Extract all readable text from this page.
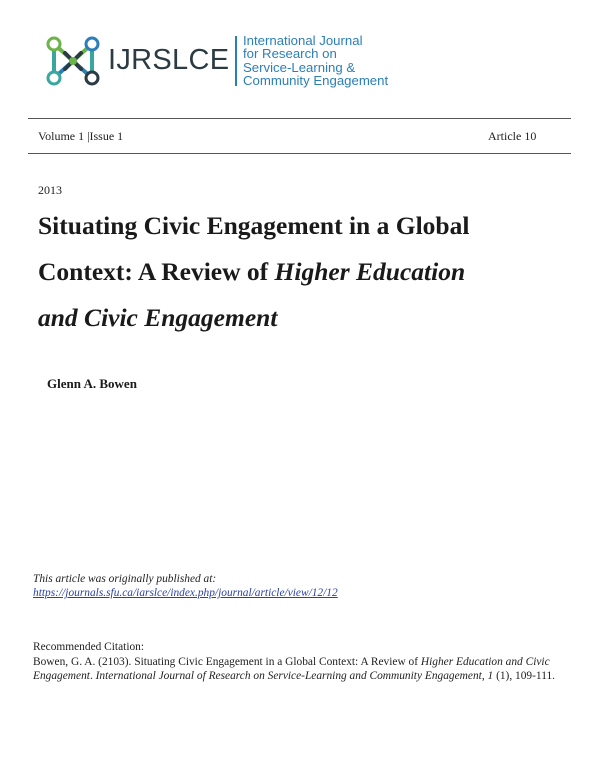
IJRSLCE

International Journal
for Research on
Service-Learning &
Community Engagement

Volume 1 |Issue 1	Article 10
2013
Situating Civic Engagement in a Global
Context: A Review of Higher Education
and Civic Engagement
Glenn A. Bowen
This article was originally published at:
https://journals.sfu.ca/iarslce/index.php/journal/article/view/12/12
Recommended Citation:

Bowen, G. A. (2103). Situating Civic Engagement in a Global Context: A Review of Higher Education and Civic Engagement. International Journal of Research on Service-Learning and Community Engagement, 1 (1), 109-111.
